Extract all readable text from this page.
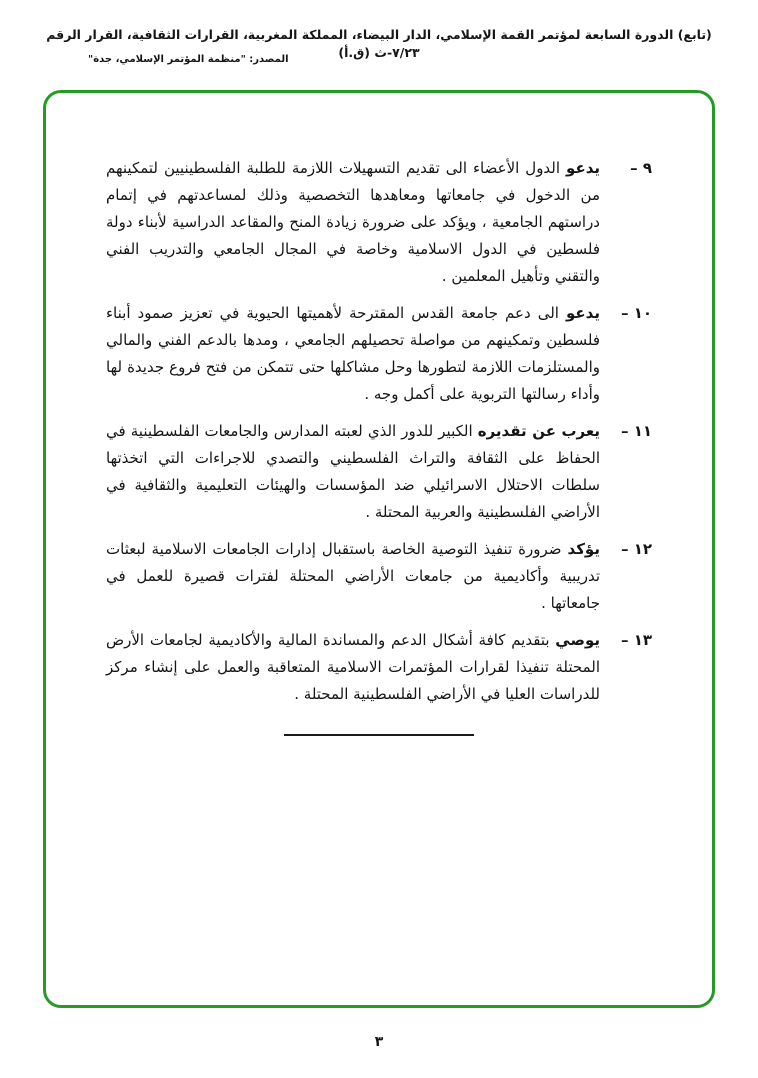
(تابع) الدورة السابعة لمؤتمر القمة الإسلامي، الدار البيضاء، المملكة المغربية، القرارات الثقافية، القرار الرقم ٧/٢٣-ث (ق.أ)
المصدر: "منظمة المؤتمر الإسلامي، جدة"
٩ –
يدعو الدول الأعضاء الى تقديم التسهيلات اللازمة للطلبة الفلسطينيين لتمكينهم من الدخول في جامعاتها ومعاهدها التخصصية وذلك لمساعدتهم في إتمام دراستهم الجامعية ، ويؤكد على ضرورة زيادة المنح والمقاعد الدراسية لأبناء دولة فلسطين في الدول الاسلامية وخاصة في المجال الجامعي والتدريب الفني والتقني وتأهيل المعلمين .
١٠ –
يدعو الى دعم جامعة القدس المقترحة لأهميتها الحيوية في تعزيز صمود أبناء فلسطين وتمكينهم من مواصلة تحصيلهم الجامعي ، ومدها بالدعم الفني والمالي والمستلزمات اللازمة لتطورها وحل مشاكلها حتى تتمكن من فتح فروع جديدة لها وأداء رسالتها التربوية على أكمل وجه .
١١ –
يعرب عن تقديره الكبير للدور الذي لعبته المدارس والجامعات الفلسطينية في الحفاظ على الثقافة والتراث الفلسطيني والتصدي للاجراءات التي اتخذتها سلطات الاحتلال الاسرائيلي ضد المؤسسات والهيئات التعليمية والثقافية في الأراضي الفلسطينية والعربية المحتلة .
١٢ –
يؤكد ضرورة تنفيذ التوصية الخاصة باستقبال إدارات الجامعات الاسلامية لبعثات تدريبية وأكاديمية من جامعات الأراضي المحتلة لفترات قصيرة للعمل في جامعاتها .
١٣ –
يوصي بتقديم كافة أشكال الدعم والمساندة المالية والأكاديمية لجامعات الأرض المحتلة تنفيذا لقرارات المؤتمرات الاسلامية المتعاقبة والعمل على إنشاء مركز للدراسات العليا في الأراضي الفلسطينية المحتلة .
٣
